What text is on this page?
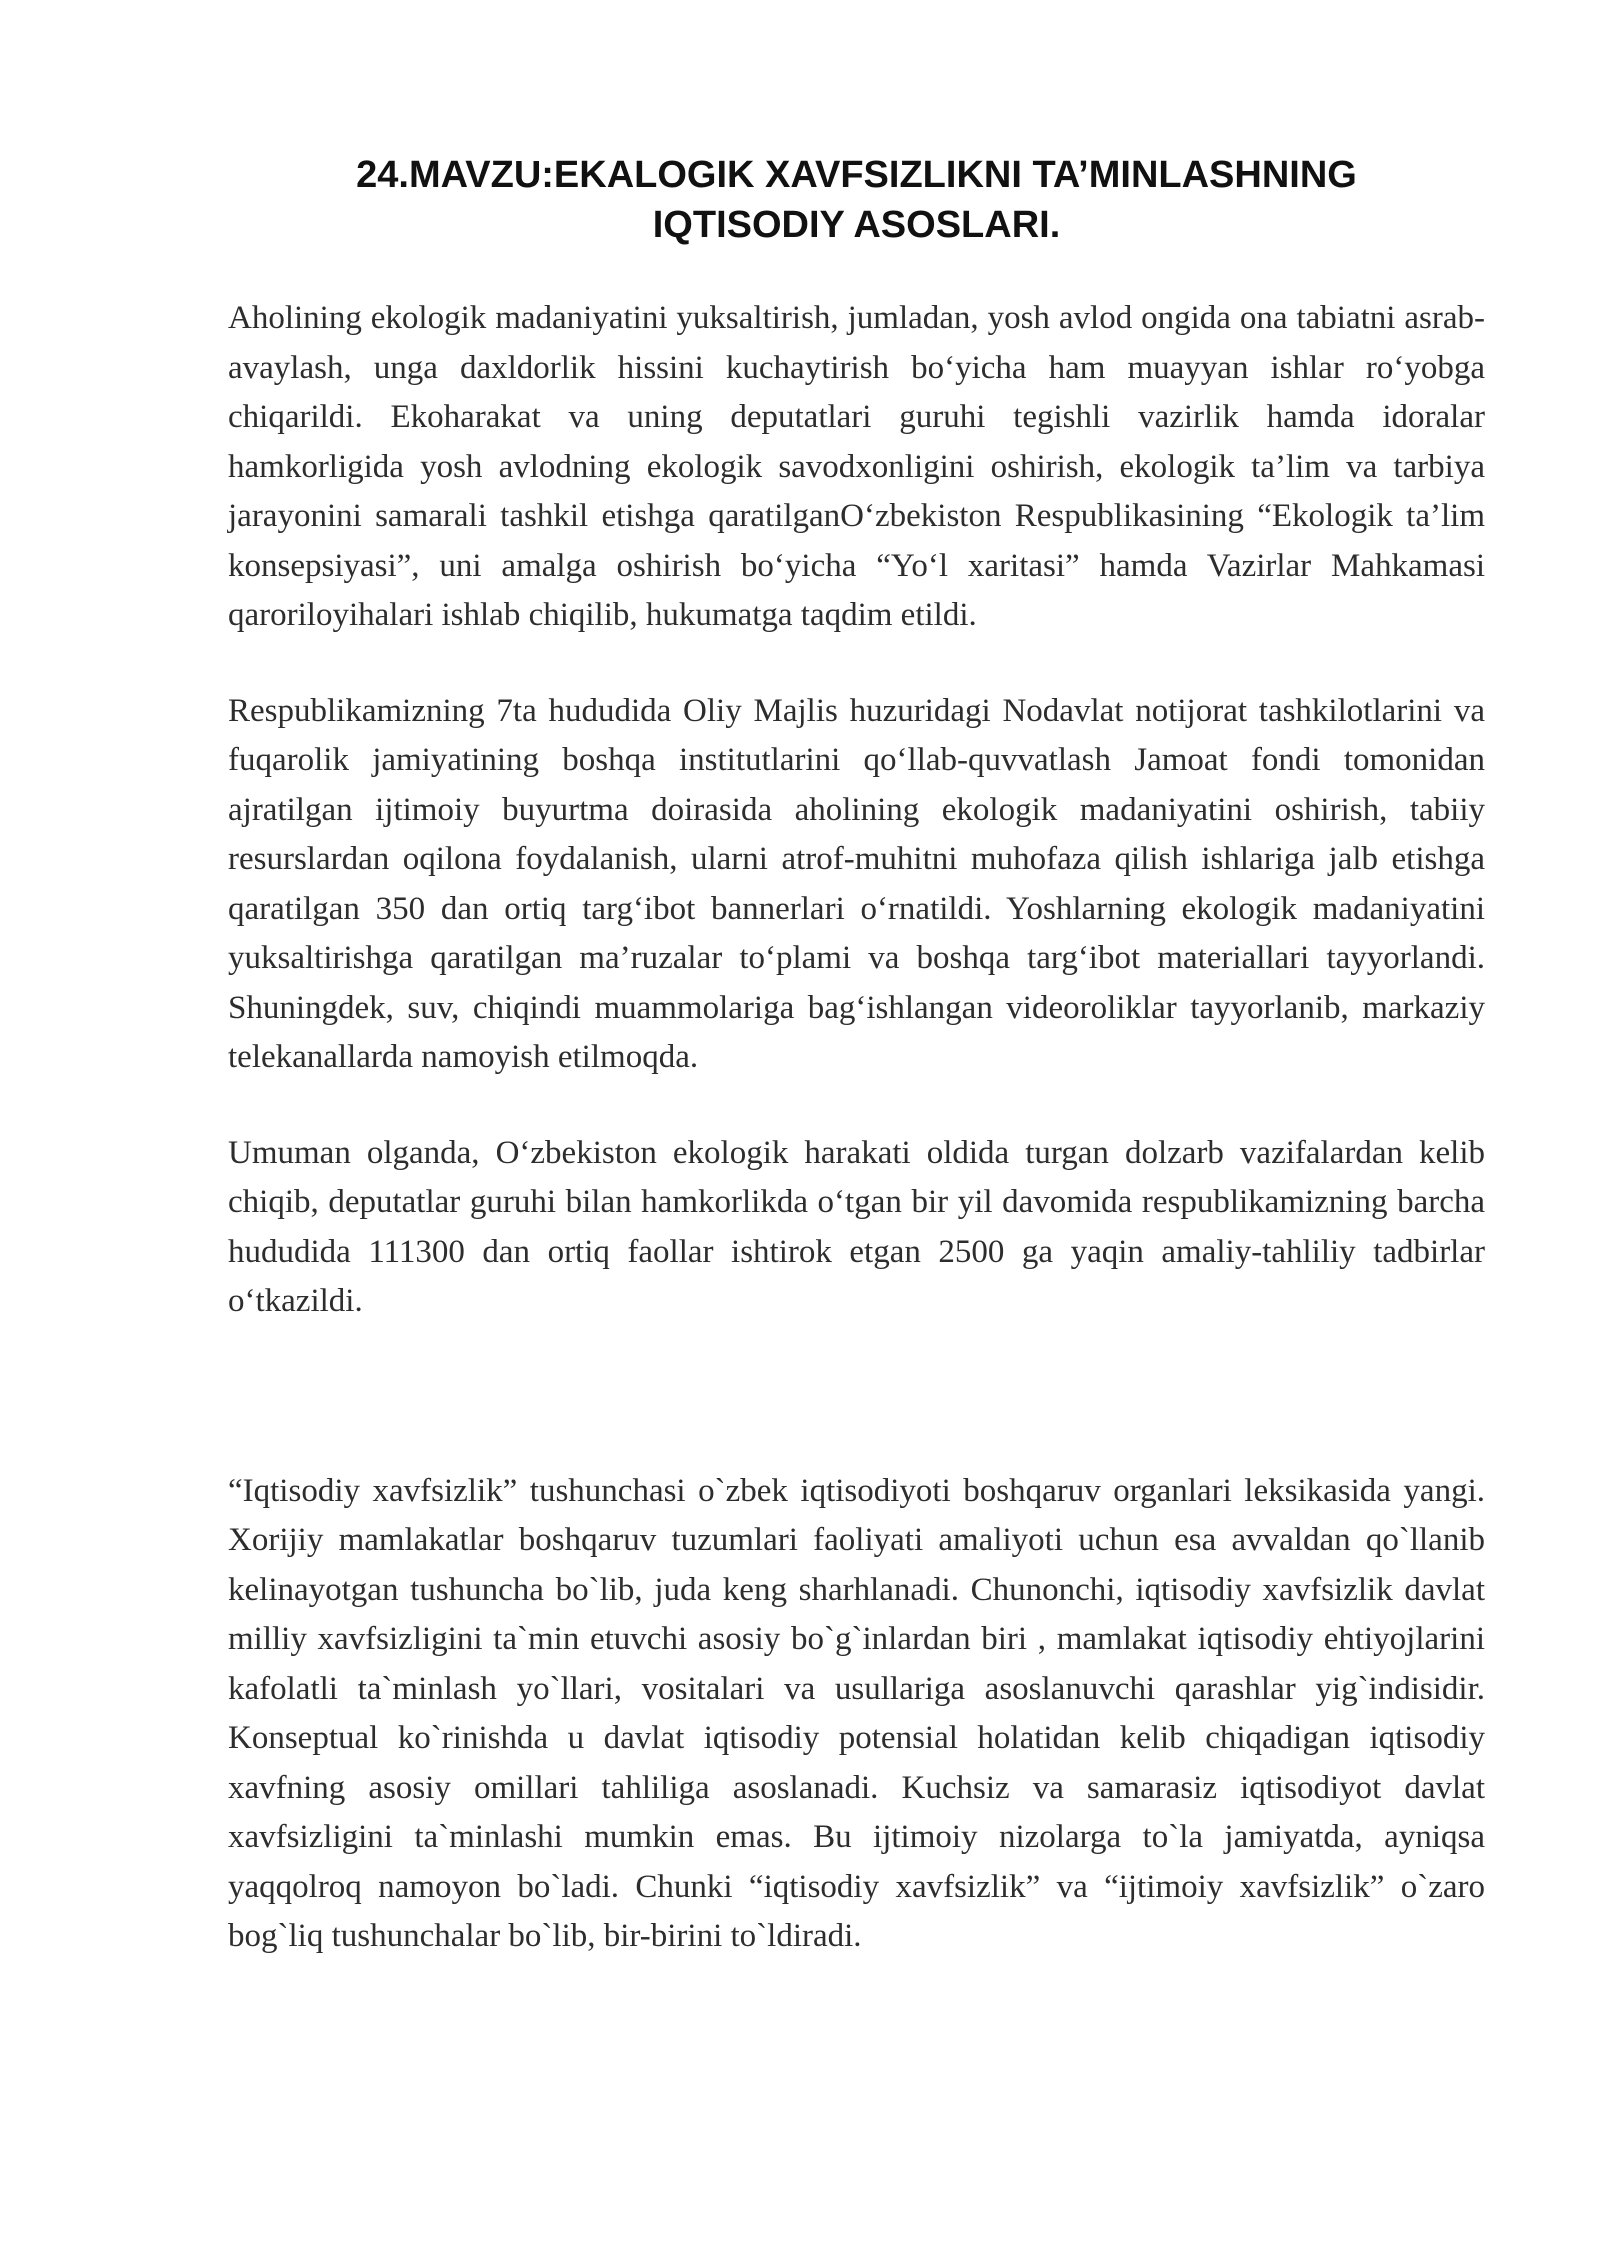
24.MAVZU:EKALOGIK XAVFSIZLIKNI TA’MINLASHNING
IQTISODIY ASOSLARI.

Aholining ekologik madaniyatini yuksaltirish, jumladan, yosh avlod ongida ona tabiatni asrab-avaylash, unga daxldorlik hissini kuchaytirish bo‘yicha ham muayyan ishlar ro‘yobga chiqarildi. Ekoharakat va uning deputatlari guruhi tegishli vazirlik hamda idoralar hamkorligida yosh avlodning ekologik savodxonligini oshirish, ekologik ta’lim va tarbiya jarayonini samarali tashkil etishga qaratilganO‘zbekiston Respublikasining “Ekologik ta’lim konsepsiyasi”, uni amalga oshirish bo‘yicha “Yo‘l xaritasi” hamda Vazirlar Mahkamasi qaroriloyihalari ishlab chiqilib, hukumatga taqdim etildi.

Respublikamizning 7ta hududida Oliy Majlis huzuridagi Nodavlat notijorat tashkilotlarini va fuqarolik jamiyatining boshqa institutlarini qo‘llab-quvvatlash Jamoat fondi tomonidan ajratilgan ijtimoiy buyurtma doirasida aholining ekologik madaniyatini oshirish, tabiiy resurslardan oqilona foydalanish, ularni atrof-muhitni muhofaza qilish ishlariga jalb etishga qaratilgan 350 dan ortiq targ‘ibot bannerlari o‘rnatildi. Yoshlarning ekologik madaniyatini yuksaltirishga qaratilgan ma’ruzalar to‘plami va boshqa targ‘ibot materiallari tayyorlandi. Shuningdek, suv, chiqindi muammolariga bag‘ishlangan videoroliklar tayyorlanib, markaziy telekanallarda namoyish etilmoqda.

Umuman olganda, O‘zbekiston ekologik harakati oldida turgan dolzarb vazifalardan kelib chiqib, deputatlar guruhi bilan hamkorlikda o‘tgan bir yil davomida respublikamizning barcha hududida 111300 dan ortiq faollar ishtirok etgan 2500 ga yaqin amaliy-tahliliy tadbirlar o‘tkazildi.

“Iqtisodiy xavfsizlik” tushunchasi o`zbek iqtisodiyoti boshqaruv organlari leksikasida yangi. Xorijiy mamlakatlar boshqaruv tuzumlari faoliyati amaliyoti uchun esa avvaldan qo`llanib kelinayotgan tushuncha bo`lib, juda keng sharhlanadi. Chunonchi, iqtisodiy xavfsizlik davlat milliy xavfsizligini ta`min etuvchi asosiy bo`g`inlardan biri , mamlakat iqtisodiy ehtiyojlarini kafolatli ta`minlash yo`llari, vositalari va usullariga asoslanuvchi qarashlar yig`indisidir. Konseptual ko`rinishda u davlat iqtisodiy potensial holatidan kelib chiqadigan iqtisodiy xavfning asosiy omillari tahliliga asoslanadi. Kuchsiz va samarasiz iqtisodiyot davlat xavfsizligini ta`minlashi mumkin emas. Bu ijtimoiy nizolarga to`la jamiyatda, ayniqsa yaqqolroq namoyon bo`ladi. Chunki “iqtisodiy xavfsizlik” va “ijtimoiy xavfsizlik” o`zaro bog`liq tushunchalar bo`lib, bir-birini to`ldiradi.
